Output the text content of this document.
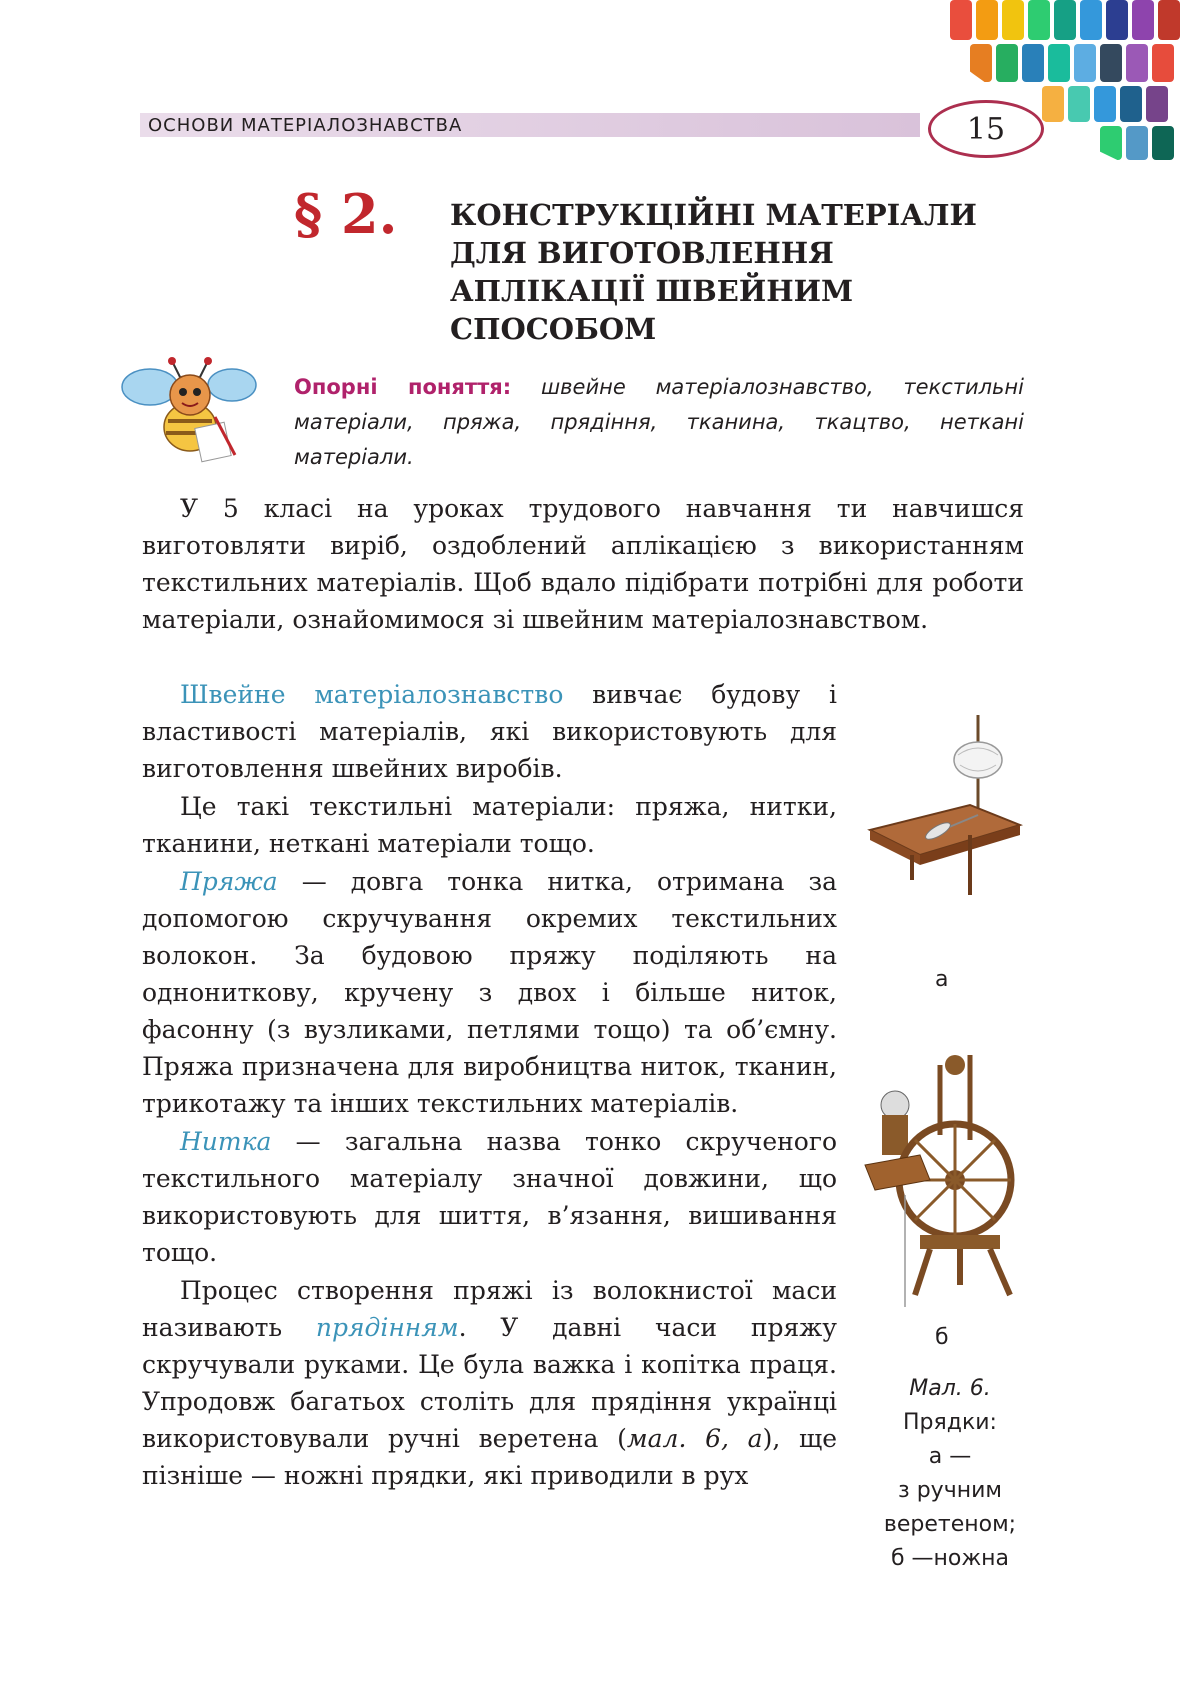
ОСНОВИ МАТЕРІАЛОЗНАВСТВА	15
§ 2. КОНСТРУКЦІЙНІ МАТЕРІАЛИ
ДЛЯ ВИГОТОВЛЕННЯ
АПЛІКАЦІЇ ШВЕЙНИМ
СПОСОБОМ
Опорні поняття: швейне матеріалознавство, текстильні матеріали, пряжа, прядіння, тканина, ткацтво, неткані матеріали.

У 5 класі на уроках трудового навчання ти навчишся виготовляти виріб, оздоблений аплікацією з використанням текстильних матеріалів. Щоб вдало підібрати потрібні для роботи матеріали, ознайомимося зі швейним матеріалознавством.

Швейне матеріалознавство вивчає будову і властивості матеріалів, які використовують для виготовлення швейних виробів.

Це такі текстильні матеріали: пряжа, нитки, тканини, неткані матеріали тощо.

Пряжа — довга тонка нитка, отримана за допомогою скручування окремих текстильних волокон. За будовою пряжу поділяють на однониткову, кручену з двох і більше ниток, фасонну (з вузликами, петлями тощо) та об’ємну. Пряжа призначена для виробництва ниток, тканин, трикотажу та інших текстильних матеріалів.

Нитка — загальна назва тонко скрученого текстильного матеріалу значної довжини, що використовують для шиття, в’язання, вишивання тощо.

Процес створення пряжі із волокнистої маси називають прядінням. У давні часи пряжу скручували руками. Це була важка і копітка праця. Упродовж багатьох століть для прядіння українці використовували ручні веретена (мал. 6, а), ще пізніше — ножні прядки, які приводили в рух

а
б
Мал. 6.
Прядки:
а —
з ручним
веретеном;
б —ножна
